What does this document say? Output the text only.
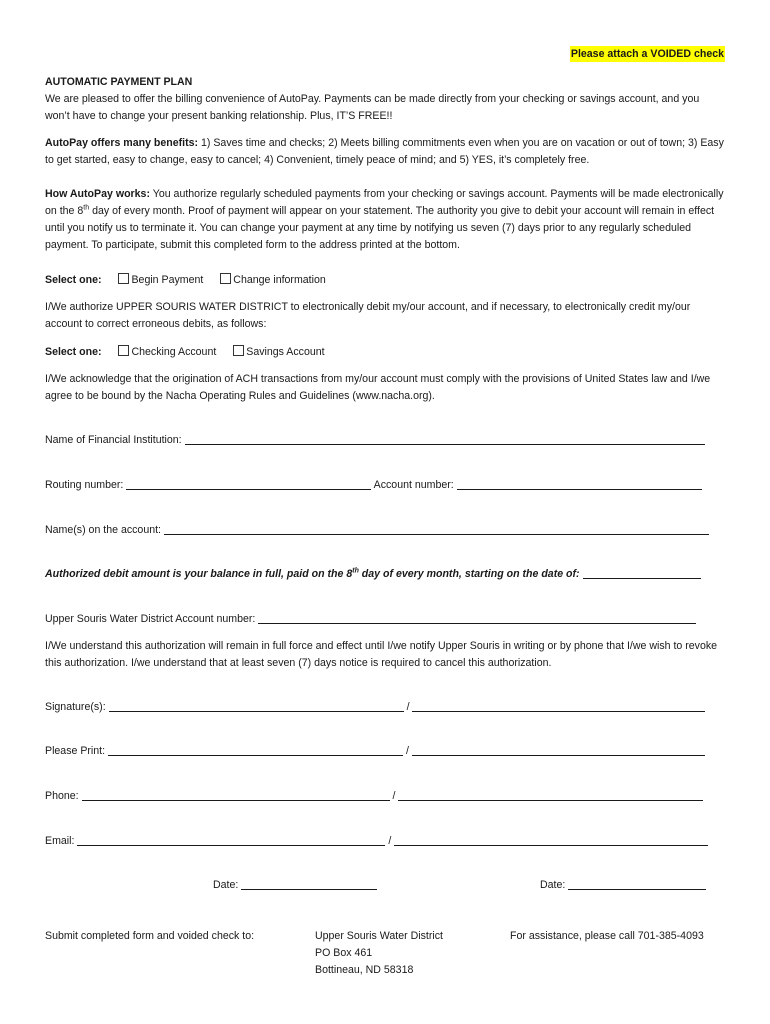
Please attach a VOIDED check
AUTOMATIC PAYMENT PLAN

We are pleased to offer the billing convenience of AutoPay. Payments can be made directly from your checking or savings account, and you won’t have to change your present banking relationship. Plus, IT’S FREE!!

AutoPay offers many benefits: 1) Saves time and checks; 2) Meets billing commitments even when you are on vacation or out of town; 3) Easy to get started, easy to change, easy to cancel; 4) Convenient, timely peace of mind; and 5) YES, it’s completely free.

How AutoPay works: You authorize regularly scheduled payments from your checking or savings account. Payments will be made electronically on the 8th day of every month. Proof of payment will appear on your statement. The authority you give to debit your account will remain in effect until you notify us to terminate it. You can change your payment at any time by notifying us seven (7) days prior to any regularly scheduled payment. To participate, submit this completed form to the address printed at the bottom.

Select one:	Begin Payment	Change information

I/We authorize UPPER SOURIS WATER DISTRICT to electronically debit my/our account, and if necessary, to electronically credit my/our account to correct erroneous debits, as follows:

Select one:	Checking Account	Savings Account

I/We acknowledge that the origination of ACH transactions from my/our account must comply with the provisions of United States law and I/we agree to be bound by the Nacha Operating Rules and Guidelines (www.nacha.org).

Name of Financial Institution:
Routing number:	Account number:
Name(s) on the account:
Authorized debit amount is your balance in full, paid on the 8th day of every month, starting on the date of:
Upper Souris Water District Account number:

I/We understand this authorization will remain in full force and effect until I/we notify Upper Souris in writing or by phone that I/we wish to revoke this authorization. I/we understand that at least seven (7) days notice is required to cancel this authorization.

Signature(s):	/
Please Print:	/
Phone:	/
Email:	/
Date:	Date:
Submit completed form and voided check to:	Upper Souris Water District
PO Box 461
Bottineau, ND 58318
For assistance, please call 701-385-4093
